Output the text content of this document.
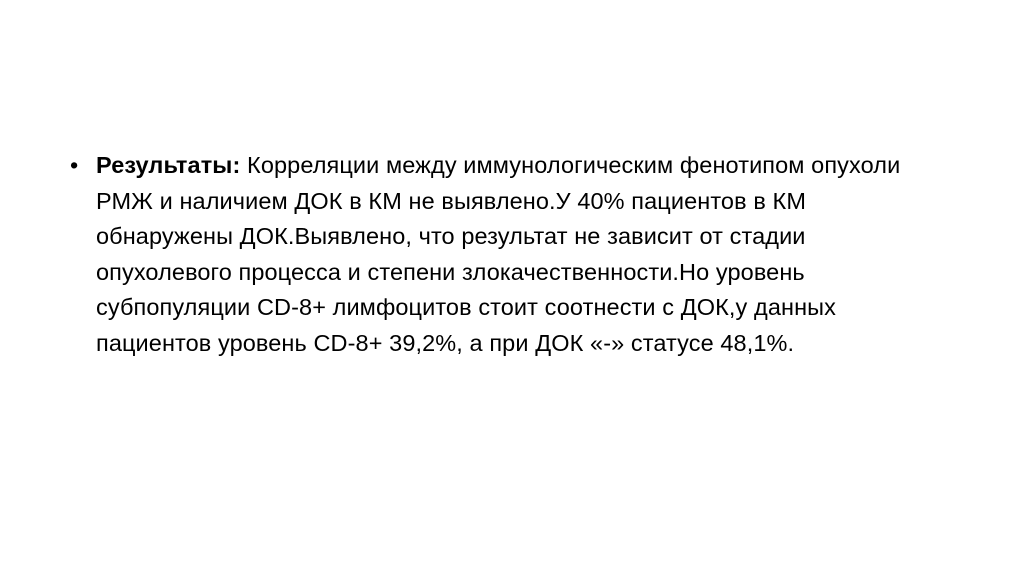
• Результаты: Корреляции между иммунологическим фенотипом опухоли РМЖ и наличием ДОК в КМ не выявлено.У 40% пациентов в КМ обнаружены ДОК.Выявлено, что результат не зависит от стадии опухолевого процесса и степени злокачественности.Но уровень субпопуляции CD-8+ лимфоцитов стоит соотнести с ДОК,у данных пациентов уровень CD-8+ 39,2%, а при ДОК «-» статусе 48,1%.
